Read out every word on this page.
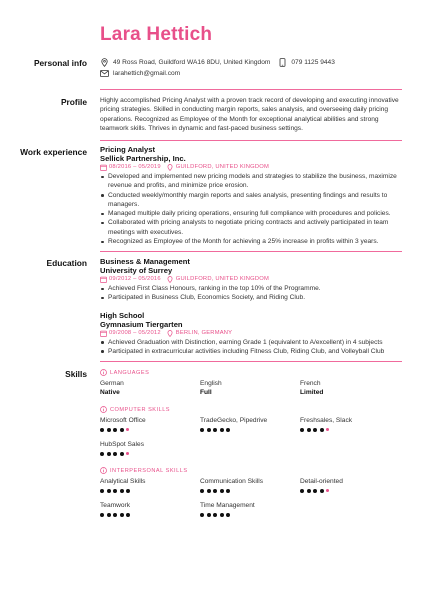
Lara Hettich
Personal info	49 Ross Road, Guildford WA16 8DU, United Kingdom	079 1125 9443
larahettich@gmail.com
Profile Highly accomplished Pricing Analyst with a proven track record of developing and executing innovative pricing strategies. Skilled in conducting margin reports, sales analysis, and overseeing daily pricing operations. Recognized as Employee of the Month for exceptional analytical abilities and strong teamwork skills. Thrives in dynamic and fast-paced business settings.

Work experience Pricing Analyst
Sellick Partnership, Inc.
08/2016 – 05/2019	GUILDFORD, UNITED KINGDOM
Developed and implemented new pricing models and strategies to stabilize the business, maximize revenue and profits, and minimize price erosion.
Conducted weekly/monthly margin reports and sales analysis, presenting findings and results to managers.
Managed multiple daily pricing operations, ensuring full compliance with procedures and policies.
Collaborated with pricing analysts to negotiate pricing contracts and actively participated in team meetings with executives.
Recognized as Employee of the Month for achieving a 25% increase in profits within 3 years.
Education Business & Management
University of Surrey
09/2012 – 05/2016	GUILDFORD, UNITED KINGDOM
Achieved First Class Honours, ranking in the top 10% of the Programme.
Participated in Business Club, Economics Society, and Riding Club.
High School
Gymnasium Tiergarten
09/2008 – 05/2012	BERLIN, GERMANY
Achieved Graduation with Distinction, earning Grade 1 (equivalent to A/excellent) in 4 subjects
Participated in extracurricular activities including Fitness Club, Riding Club, and Volleyball Club
Skills	LANGUAGES
German
Native
English
Full
French
Limited
COMPUTER SKILLS
Microsoft Office	TradeGecko, Pipedrive	Freshsales, Slack
HubSpot Sales
INTERPERSONAL SKILLS
Analytical Skills	Communication Skills	Detail-oriented
Teamwork	Time Management
